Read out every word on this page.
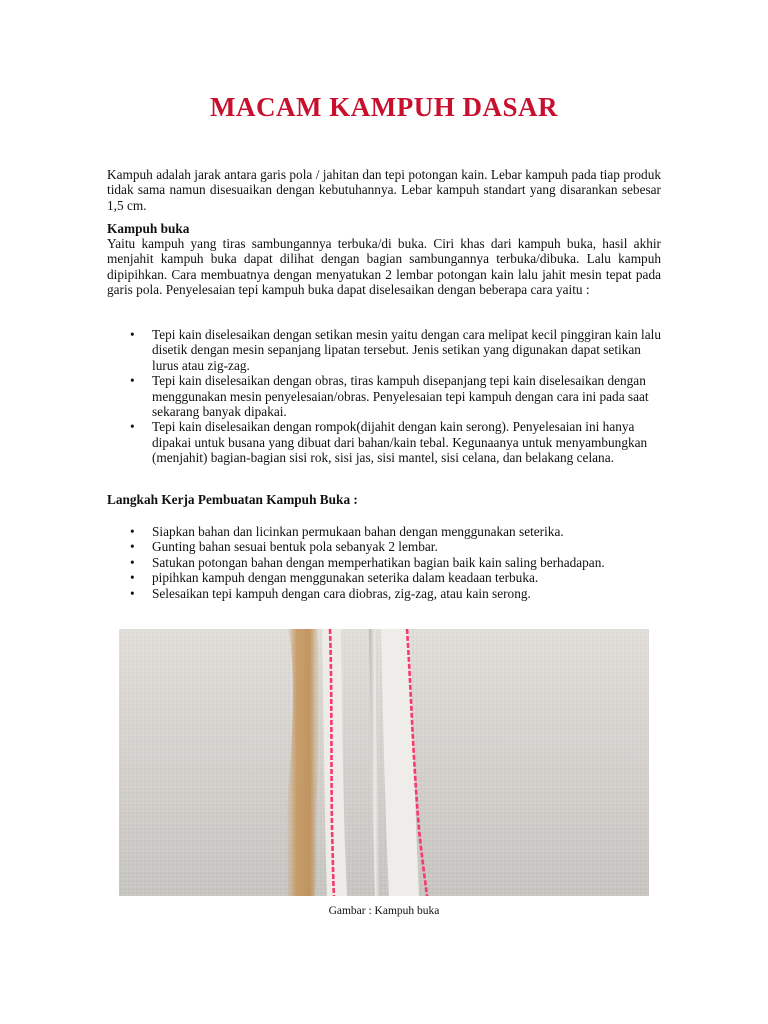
MACAM KAMPUH DASAR
Kampuh adalah jarak antara garis pola / jahitan dan tepi potongan kain. Lebar kampuh pada tiap produk tidak sama namun disesuaikan dengan kebutuhannya. Lebar kampuh standart yang disarankan sebesar 1,5 cm.
Kampuh buka
Yaitu kampuh yang tiras sambungannya terbuka/di buka. Ciri khas dari kampuh buka, hasil akhir menjahit kampuh buka dapat dilihat dengan bagian sambungannya terbuka/dibuka. Lalu kampuh dipipihkan. Cara membuatnya dengan menyatukan 2 lembar potongan kain lalu jahit mesin tepat pada garis pola. Penyelesaian tepi kampuh buka dapat diselesaikan dengan beberapa cara yaitu :
• Tepi kain diselesaikan dengan setikan mesin yaitu dengan cara melipat kecil pinggiran kain lalu disetik dengan mesin sepanjang lipatan tersebut. Jenis setikan yang digunakan dapat setikan lurus atau zig-zag.
• Tepi kain diselesaikan dengan obras, tiras kampuh disepanjang tepi kain diselesaikan dengan menggunakan mesin penyelesaian/obras. Penyelesaian tepi kampuh dengan cara ini pada saat sekarang banyak dipakai.
• Tepi kain diselesaikan dengan rompok(dijahit dengan kain serong). Penyelesaian ini hanya dipakai untuk busana yang dibuat dari bahan/kain tebal. Kegunaanya untuk menyambungkan (menjahit) bagian-bagian sisi rok, sisi jas, sisi mantel, sisi celana, dan belakang celana.
Langkah Kerja Pembuatan Kampuh Buka :
• Siapkan bahan dan licinkan permukaan bahan dengan menggunakan seterika.
• Gunting bahan sesuai bentuk pola sebanyak 2 lembar.
• Satukan potongan bahan dengan memperhatikan bagian baik kain saling berhadapan.
• pipihkan kampuh dengan menggunakan seterika dalam keadaan terbuka.
• Selesaikan tepi kampuh dengan cara diobras, zig-zag, atau kain serong.
Gambar : Kampuh buka
